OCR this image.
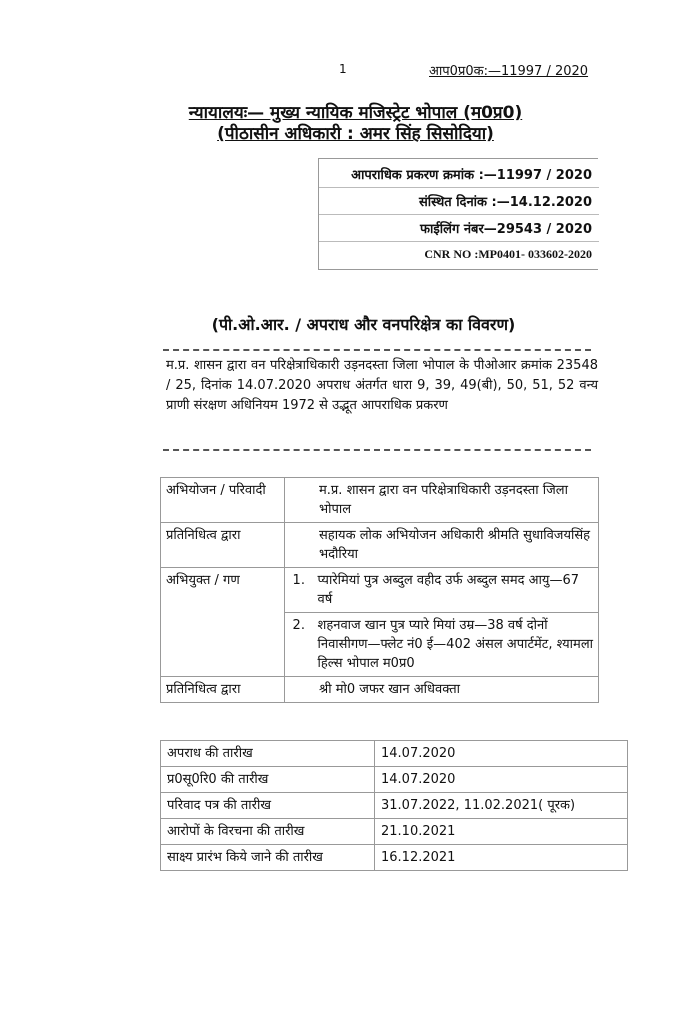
1	आप0प्र0क:—11997 / 2020
न्यायालयः— मुख्य न्यायिक मजिस्ट्रेट भोपाल (म0प्र0)
(पीठासीन अधिकारी : अमर सिंह सिसोदिया)
आपराधिक प्रकरण क्रमांक :—11997 / 2020
संस्थित दिनांक :—14.12.2020
फाईलिंग नंबर—29543 / 2020
CNR NO :MP0401- 033602-2020
(पी.ओ.आर. / अपराध और वनपरिक्षेत्र का विवरण)
म.प्र. शासन द्वारा वन परिक्षेत्राधिकारी उड़नदस्ता जिला भोपाल के पीओआर क्रमांक 23548 / 25, दिनांक 14.07.2020 अपराध अंतर्गत धारा 9, 39, 49(बी), 50, 51, 52 वन्य प्राणी संरक्षण अधिनियम 1972 से उद्भूत आपराधिक प्रकरण
अभियोजन / परिवादी	म.प्र. शासन द्वारा वन परिक्षेत्राधिकारी उड़नदस्ता जिला भोपाल	
प्रतिनिधित्व द्वारा	सहायक लोक अभियोजन अधिकारी श्रीमति सुधाविजयसिंह भदौरिया	
अभियुक्त / गण	1.	प्यारेमियां पुत्र अब्दुल वहीद उर्फ अब्दुल समद आयु—67 वर्ष
	2.	शहनवाज खान पुत्र प्यारे मियां उम्र—38 वर्ष दोनों निवासीगण—फ्लेट नं0 ई—402 अंसल अपार्टमेंट, श्यामला हिल्स भोपाल म0प्र0
प्रतिनिधित्व द्वारा	श्री मो0 जफर खान अधिवक्ता	
अपराध की तारीख	14.07.2020
प्र0सू0रि0 की तारीख	14.07.2020
परिवाद पत्र की तारीख	31.07.2022, 11.02.2021( पूरक)
आरोपों के विरचना की तारीख	21.10.2021
साक्ष्य प्रारंभ किये जाने की तारीख	16.12.2021
